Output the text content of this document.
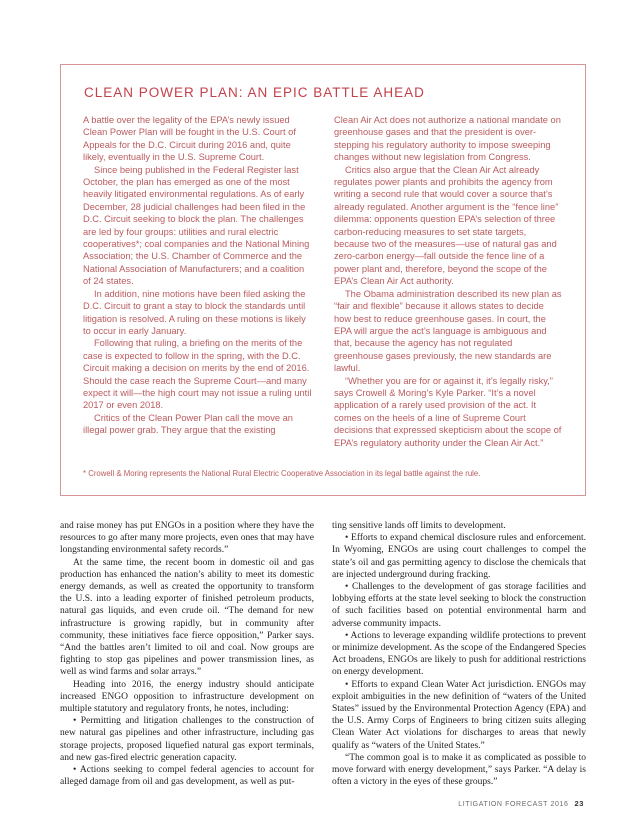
CLEAN POWER PLAN: AN EPIC BATTLE AHEAD

A battle over the legality of the EPA’s newly issued Clean Power Plan will be fought in the U.S. Court of Appeals for the D.C. Circuit during 2016 and, quite likely, eventually in the U.S. Supreme Court.

Since being published in the Federal Register last October, the plan has emerged as one of the most heavily litigated environmental regulations. As of early December, 28 judicial challenges had been filed in the D.C. Circuit seeking to block the plan. The challenges are led by four groups: utilities and rural electric cooperatives*; coal companies and the National Mining Association; the U.S. Chamber of Commerce and the National Association of Manufacturers; and a coalition of 24 states.

In addition, nine motions have been filed asking the D.C. Circuit to grant a stay to block the standards until litigation is resolved. A ruling on these motions is likely to occur in early January.

Following that ruling, a briefing on the merits of the case is expected to follow in the spring, with the D.C. Circuit making a decision on merits by the end of 2016. Should the case reach the Supreme Court—and many expect it will—the high court may not issue a ruling until 2017 or even 2018.

Critics of the Clean Power Plan call the move an illegal power grab. They argue that the existing

Clean Air Act does not authorize a national mandate on greenhouse gases and that the president is over-stepping his regulatory authority to impose sweeping changes without new legislation from Congress.

Critics also argue that the Clean Air Act already regulates power plants and prohibits the agency from writing a second rule that would cover a source that’s already regulated. Another argument is the “fence line” dilemma: opponents question EPA’s selection of three carbon-reducing measures to set state targets, because two of the measures—use of natural gas and zero-carbon energy—fall outside the fence line of a power plant and, therefore, beyond the scope of the EPA’s Clean Air Act authority.

The Obama administration described its new plan as “fair and flexible” because it allows states to decide how best to reduce greenhouse gases. In court, the EPA will argue the act’s language is ambiguous and that, because the agency has not regulated greenhouse gases previously, the new standards are lawful.

“Whether you are for or against it, it’s legally risky,” says Crowell & Moring’s Kyle Parker. “It’s a novel application of a rarely used provision of the act. It comes on the heels of a line of Supreme Court decisions that expressed skepticism about the scope of EPA’s regulatory authority under the Clean Air Act.”

* Crowell & Moring represents the National Rural Electric Cooperative Association in its legal battle against the rule.

and raise money has put ENGOs in a position where they have the resources to go after many more projects, even ones that may have longstanding environmental safety records.”

At the same time, the recent boom in domestic oil and gas production has enhanced the nation’s ability to meet its domestic energy demands, as well as created the opportunity to transform the U.S. into a leading exporter of finished petroleum products, natural gas liquids, and even crude oil. “The demand for new infrastructure is growing rapidly, but in community after community, these initiatives face fierce opposition,” Parker says. “And the battles aren’t limited to oil and coal. Now groups are fighting to stop gas pipelines and power transmission lines, as well as wind farms and solar arrays.”

Heading into 2016, the energy industry should anticipate increased ENGO opposition to infrastructure development on multiple statutory and regulatory fronts, he notes, including:

• Permitting and litigation challenges to the construction of new natural gas pipelines and other infrastructure, including gas storage projects, proposed liquefied natural gas export terminals, and new gas-fired electric generation capacity.

• Actions seeking to compel federal agencies to account for alleged damage from oil and gas development, as well as put-

ting sensitive lands off limits to development.

• Efforts to expand chemical disclosure rules and enforcement. In Wyoming, ENGOs are using court challenges to compel the state’s oil and gas permitting agency to disclose the chemicals that are injected underground during fracking.

• Challenges to the development of gas storage facilities and lobbying efforts at the state level seeking to block the construction of such facilities based on potential environmental harm and adverse community impacts.

• Actions to leverage expanding wildlife protections to prevent or minimize development. As the scope of the Endangered Species Act broadens, ENGOs are likely to push for additional restrictions on energy development.

• Efforts to expand Clean Water Act jurisdiction. ENGOs may exploit ambiguities in the new definition of “waters of the United States” issued by the Environmental Protection Agency (EPA) and the U.S. Army Corps of Engineers to bring citizen suits alleging Clean Water Act violations for discharges to areas that newly qualify as “waters of the United States.”

“The common goal is to make it as complicated as possible to move forward with energy development,” says Parker. “A delay is often a victory in the eyes of these groups.”

LITIGATION FORECAST 2016 23
